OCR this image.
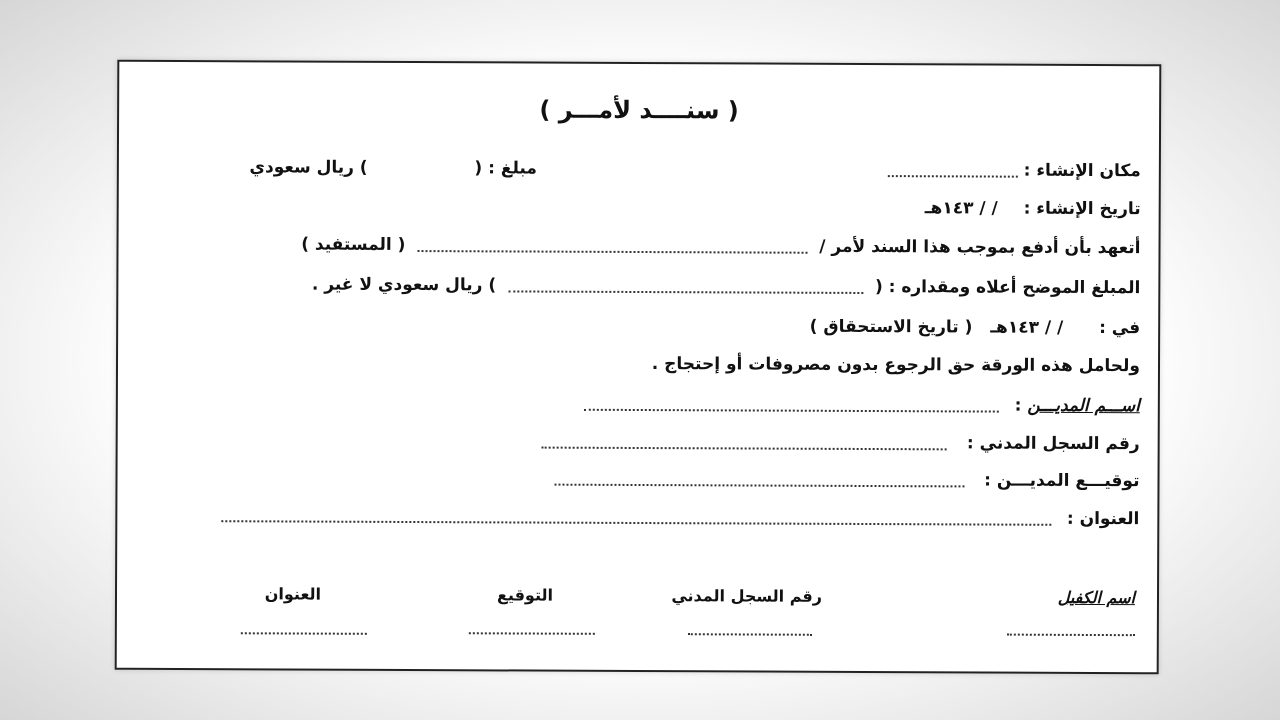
( سنــــد لأمـــر )
مكان الإنشاء :
مبلغ : (  ) ريال سعودي
تاريخ الإنشاء :  / / ١٤٣هـ
أتعهد بأن أدفع بموجب هذا السند لأمر /  ( المستفيد )
المبلغ الموضح أعلاه ومقداره : (  ) ريال سعودي لا غير .
في :  / / ١٤٣هـ  ( تاريخ الاستحقاق )
ولحامل هذه الورقة حق الرجوع بدون مصروفات أو إحتجاج .
اســـم المديـــن :
رقم السجل المدني :
توقيـــع المديـــن :
العنوان :
اسم الكفيل
رقم السجل المدني
التوقيع
العنوان
